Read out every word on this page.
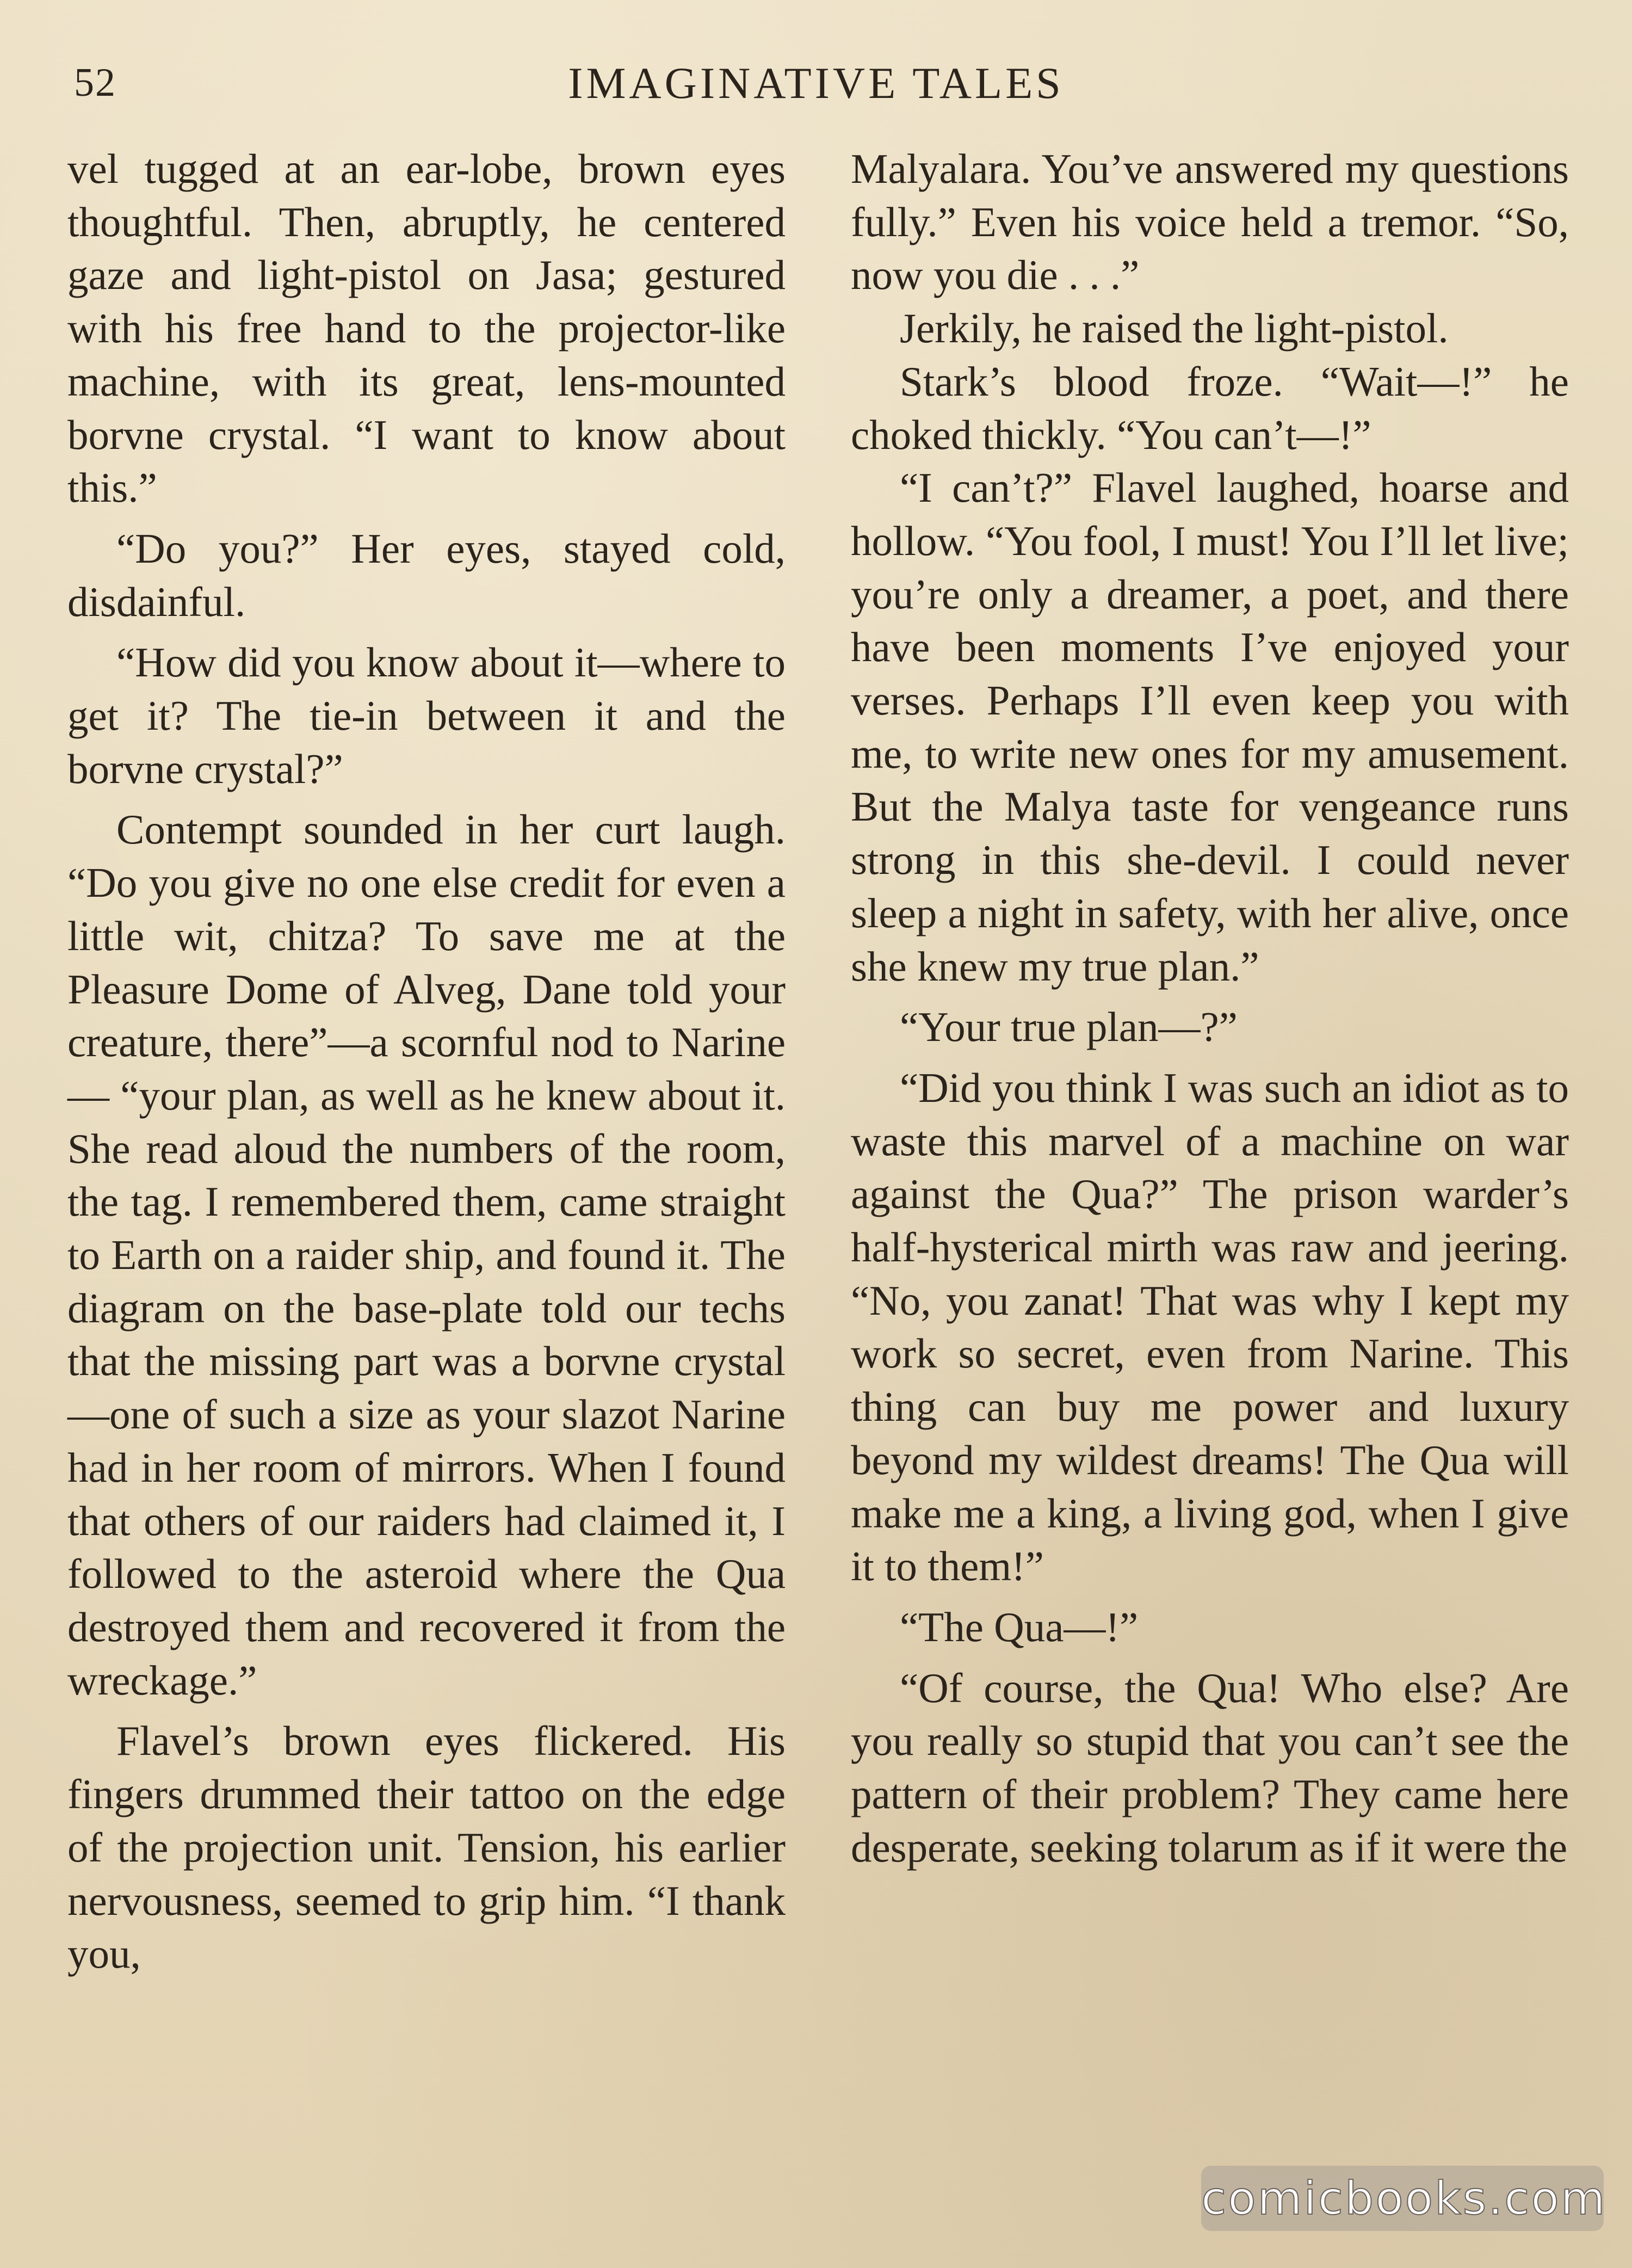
52	IMAGINATIVE TALES

vel tugged at an ear-lobe, brown eyes thoughtful. Then, abruptly, he centered gaze and light-pistol on Jasa; gestured with his free hand to the projector-like machine, with its great, lens-mounted borvne crystal. “I want to know about this.”

“Do you?” Her eyes, stayed cold, disdainful.

“How did you know about it—where to get it? The tie-in between it and the borvne crystal?”

Contempt sounded in her curt laugh. “Do you give no one else credit for even a little wit, chitza? To save me at the Pleasure Dome of Alveg, Dane told your creature, there”—a scornful nod to Narine — “your plan, as well as he knew about it. She read aloud the numbers of the room, the tag. I remembered them, came straight to Earth on a raider ship, and found it. The diagram on the base-plate told our techs that the missing part was a borvne crystal—one of such a size as your slazot Narine had in her room of mirrors. When I found that others of our raiders had claimed it, I followed to the asteroid where the Qua destroyed them and recovered it from the wreckage.”

Flavel’s brown eyes flickered. His fingers drummed their tattoo on the edge of the projection unit. Tension, his earlier nervousness, seemed to grip him. “I thank you,

Malyalara. You’ve answered my questions fully.” Even his voice held a tremor. “So, now you die . . .”

Jerkily, he raised the light-pistol.

Stark’s blood froze. “Wait—!” he choked thickly. “You can’t—!”

“I can’t?” Flavel laughed, hoarse and hollow. “You fool, I must! You I’ll let live; you’re only a dreamer, a poet, and there have been moments I’ve enjoyed your verses. Perhaps I’ll even keep you with me, to write new ones for my amusement. But the Malya taste for vengeance runs strong in this she-devil. I could never sleep a night in safety, with her alive, once she knew my true plan.”

“Your true plan—?”

“Did you think I was such an idiot as to waste this marvel of a machine on war against the Qua?” The prison warder’s half-hysterical mirth was raw and jeering. “No, you zanat! That was why I kept my work so secret, even from Narine. This thing can buy me power and luxury beyond my wildest dreams! The Qua will make me a king, a living god, when I give it to them!”

“The Qua—!”

“Of course, the Qua! Who else? Are you really so stupid that you can’t see the pattern of their problem? They came here desperate, seeking tolarum as if it were the

comicbooks.com
